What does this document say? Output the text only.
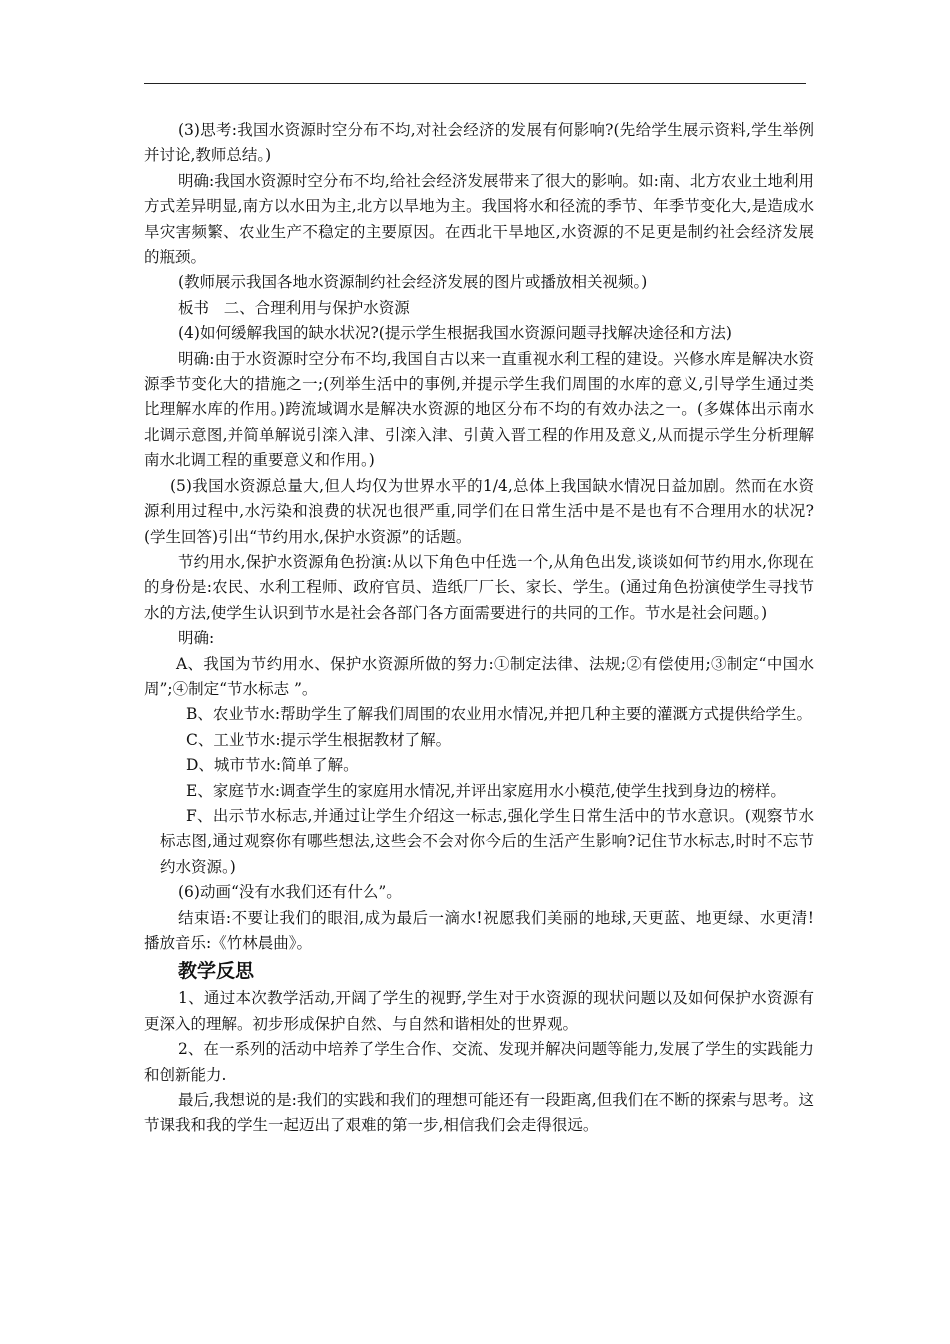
(3)思考:我国水资源时空分布不均,对社会经济的发展有何影响?(先给学生展示资料,学生举例并讨论,教师总结。)

明确:我国水资源时空分布不均,给社会经济发展带来了很大的影响。如:南、北方农业土地利用方式差异明显,南方以水田为主,北方以旱地为主。我国将水和径流的季节、年季节变化大,是造成水旱灾害频繁、农业生产不稳定的主要原因。在西北干旱地区,水资源的不足更是制约社会经济发展的瓶颈。

(教师展示我国各地水资源制约社会经济发展的图片或播放相关视频。)

板书   二、合理利用与保护水资源

(4)如何缓解我国的缺水状况?(提示学生根据我国水资源问题寻找解决途径和方法)

明确:由于水资源时空分布不均,我国自古以来一直重视水利工程的建设。兴修水库是解决水资源季节变化大的措施之一;(列举生活中的事例,并提示学生我们周围的水库的意义,引导学生通过类比理解水库的作用。)跨流域调水是解决水资源的地区分布不均的有效办法之一。(多媒体出示南水北调示意图,并简单解说引滦入津、引滦入津、引黄入晋工程的作用及意义,从而提示学生分析理解南水北调工程的重要意义和作用。)

(5)我国水资源总量大,但人均仅为世界水平的1/4,总体上我国缺水情况日益加剧。然而在水资源利用过程中,水污染和浪费的状况也很严重,同学们在日常生活中是不是也有不合理用水的状况?(学生回答)引出“节约用水,保护水资源”的话题。

节约用水,保护水资源角色扮演:从以下角色中任选一个,从角色出发,谈谈如何节约用水,你现在的身份是:农民、水利工程师、政府官员、造纸厂厂长、家长、学生。(通过角色扮演使学生寻找节水的方法,使学生认识到节水是社会各部门各方面需要进行的共同的工作。节水是社会问题。)

明确:

A、我国为节约用水、保护水资源所做的努力:①制定法律、法规;②有偿使用;③制定“中国水周”;④制定“节水标志 ”。

B、农业节水:帮助学生了解我们周围的农业用水情况,并把几种主要的灌溉方式提供给学生。

C、工业节水:提示学生根据教材了解。

D、城市节水:简单了解。

E、家庭节水:调查学生的家庭用水情况,并评出家庭用水小模范,使学生找到身边的榜样。

F、出示节水标志,并通过让学生介绍这一标志,强化学生日常生活中的节水意识。(观察节水标志图,通过观察你有哪些想法,这些会不会对你今后的生活产生影响?记住节水标志,时时不忘节约水资源。)

(6)动画“没有水我们还有什么”。

结束语:不要让我们的眼泪,成为最后一滴水!祝愿我们美丽的地球,天更蓝、地更绿、水更清!  播放音乐:《竹林晨曲》。

教学反思

1、通过本次教学活动,开阔了学生的视野,学生对于水资源的现状问题以及如何保护水资源有更深入的理解。初步形成保护自然、与自然和谐相处的世界观。

2、在一系列的活动中培养了学生合作、交流、发现并解决问题等能力,发展了学生的实践能力和创新能力.

最后,我想说的是:我们的实践和我们的理想可能还有一段距离,但我们在不断的探索与思考。这节课我和我的学生一起迈出了艰难的第一步,相信我们会走得很远。
